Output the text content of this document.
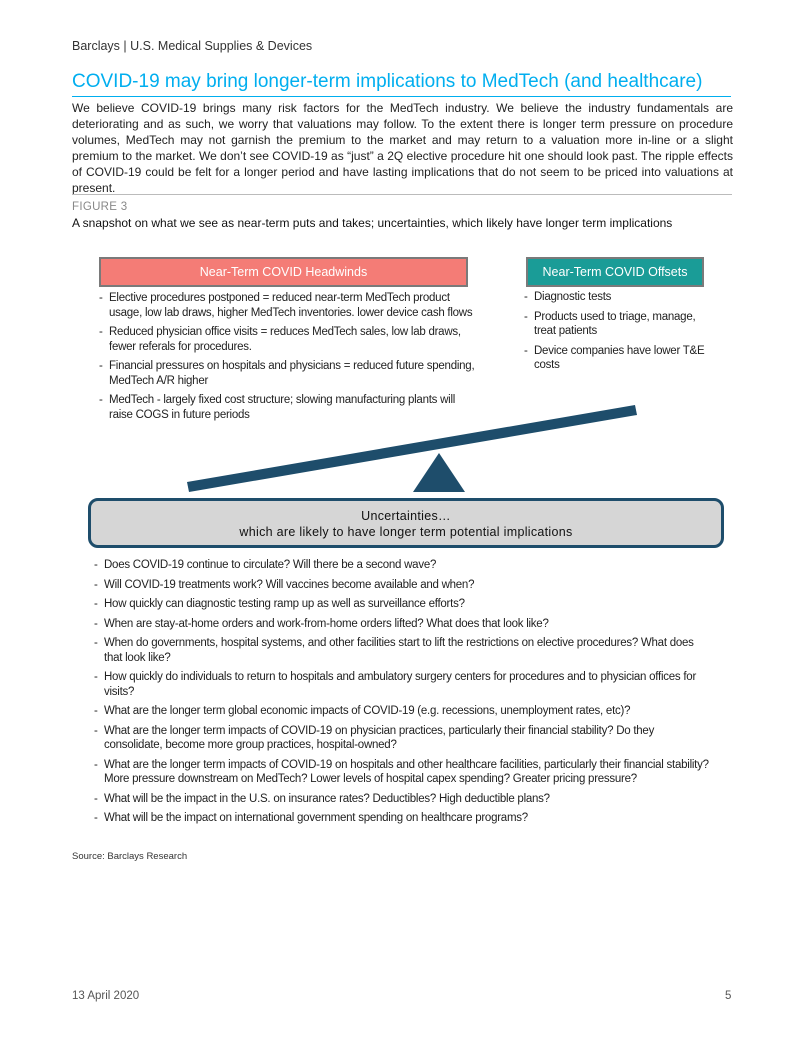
Barclays | U.S. Medical Supplies & Devices
COVID-19 may bring longer-term implications to MedTech (and healthcare)

We believe COVID-19 brings many risk factors for the MedTech industry. We believe the industry fundamentals are deteriorating and as such, we worry that valuations may follow. To the extent there is longer term pressure on procedure volumes, MedTech may not garnish the premium to the market and may return to a valuation more in-line or a slight premium to the market. We don’t see COVID-19 as “just” a 2Q elective procedure hit one should look past. The ripple effects of COVID-19 could be felt for a longer period and have lasting implications that do not seem to be priced into valuations at present.

FIGURE 3
A snapshot on what we see as near-term puts and takes; uncertainties, which likely have longer term implications
Near-Term COVID Headwinds	Near-Term COVID Offsets
- Elective procedures postponed = reduced near-term MedTech product usage, low lab draws, higher MedTech inventories. lower device cash flows
- Reduced physician office visits = reduces MedTech sales, low lab draws, fewer referals for procedures.
- Financial pressures on hospitals and physicians = reduced future spending, MedTech A/R higher
- MedTech - largely fixed cost structure; slowing manufacturing plants will raise COGS in future periods
- Diagnostic tests
- Products used to triage, manage, treat patients
- Device companies have lower T&E costs
Uncertainties…
which are likely to have longer term potential implications
- Does COVID-19 continue to circulate? Will there be a second wave?
- Will COVID-19 treatments work? Will vaccines become available and when?
- How quickly can diagnostic testing ramp up as well as surveillance efforts?
- When are stay-at-home orders and work-from-home orders lifted? What does that look like?
- When do governments, hospital systems, and other facilities start to lift the restrictions on elective procedures? What does that look like?
- How quickly do individuals to return to hospitals and ambulatory surgery centers for procedures and to physician offices for visits?
- What are the longer term global economic impacts of COVID-19 (e.g. recessions, unemployment rates, etc)?
- What are the longer term impacts of COVID-19 on physician practices, particularly their financial stability? Do they consolidate, become more group practices, hospital-owned?
- What are the longer term impacts of COVID-19 on hospitals and other healthcare facilities, particularly their financial stability? More pressure downstream on MedTech? Lower levels of hospital capex spending? Greater pricing pressure?
- What will be the impact in the U.S. on insurance rates? Deductibles? High deductible plans?
- What will be the impact on international government spending on healthcare programs?
Source: Barclays Research
13 April 2020	5
